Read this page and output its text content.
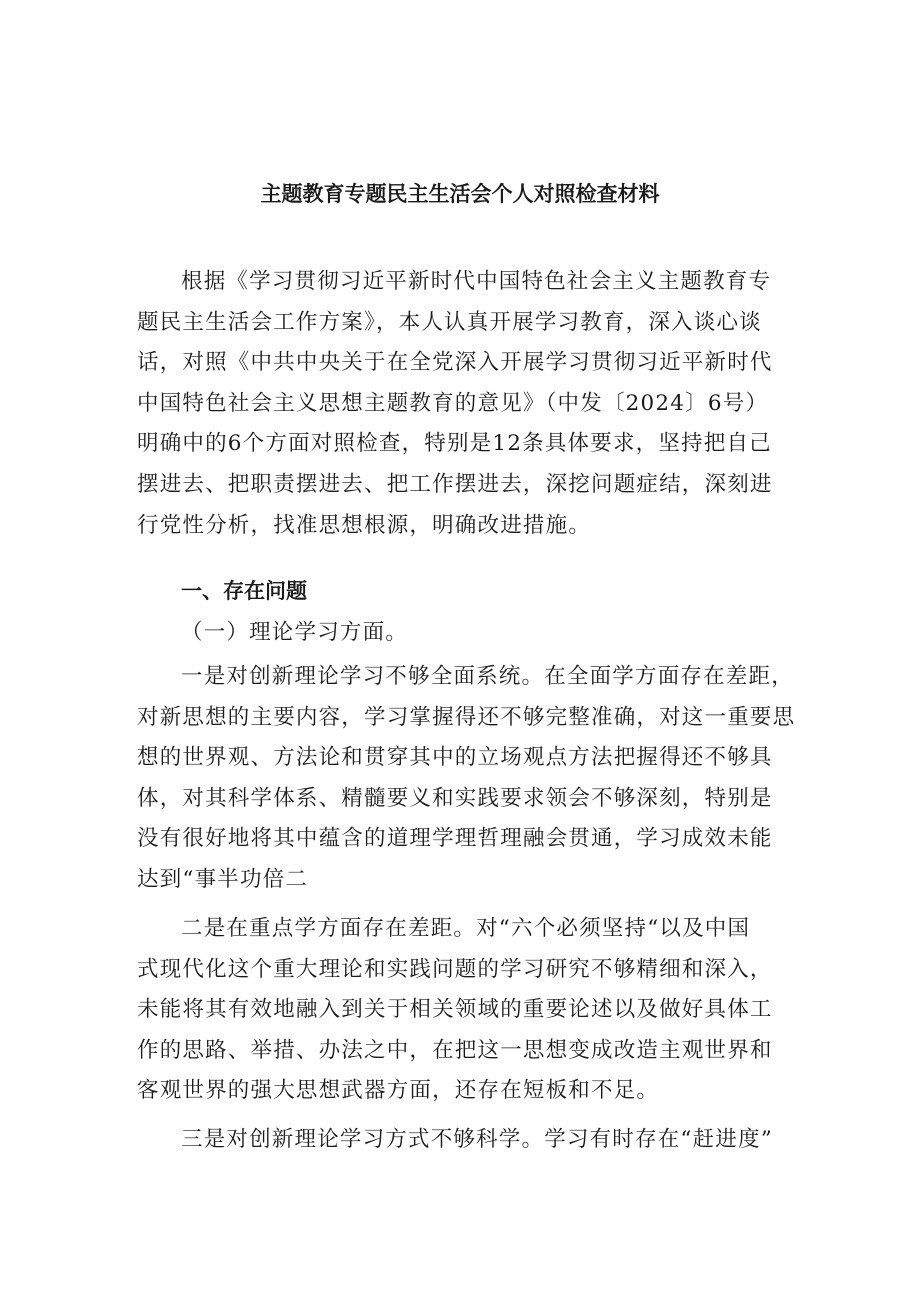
主题教育专题民主生活会个人对照检查材料
根据《学习贯彻习近平新时代中国特色社会主义主题教育专
题民主生活会工作方案》，本人认真开展学习教育，深入谈心谈
话，对照《中共中央关于在全党深入开展学习贯彻习近平新时代
中国特色社会主义思想主题教育的意见》（中发〔2024〕6号）
明确中的6个方面对照检查，特别是12条具体要求，坚持把自己
摆进去、把职责摆进去、把工作摆进去，深挖问题症结，深刻进
行党性分析，找准思想根源，明确改进措施。
一、存在问题
（一）理论学习方面。
一是对创新理论学习不够全面系统。在全面学方面存在差距，
对新思想的主要内容，学习掌握得还不够完整准确，对这一重要思
想的世界观、方法论和贯穿其中的立场观点方法把握得还不够具
体，对其科学体系、精髓要义和实践要求领会不够深刻，特别是
没有很好地将其中蕴含的道理学理哲理融会贯通，学习成效未能
达到“事半功倍二
二是在重点学方面存在差距。对“六个必须坚持“以及中国
式现代化这个重大理论和实践问题的学习研究不够精细和深入，
未能将其有效地融入到关于相关领域的重要论述以及做好具体工
作的思路、举措、办法之中，在把这一思想变成改造主观世界和
客观世界的强大思想武器方面，还存在短板和不足。
三是对创新理论学习方式不够科学。学习有时存在“赶进度”
